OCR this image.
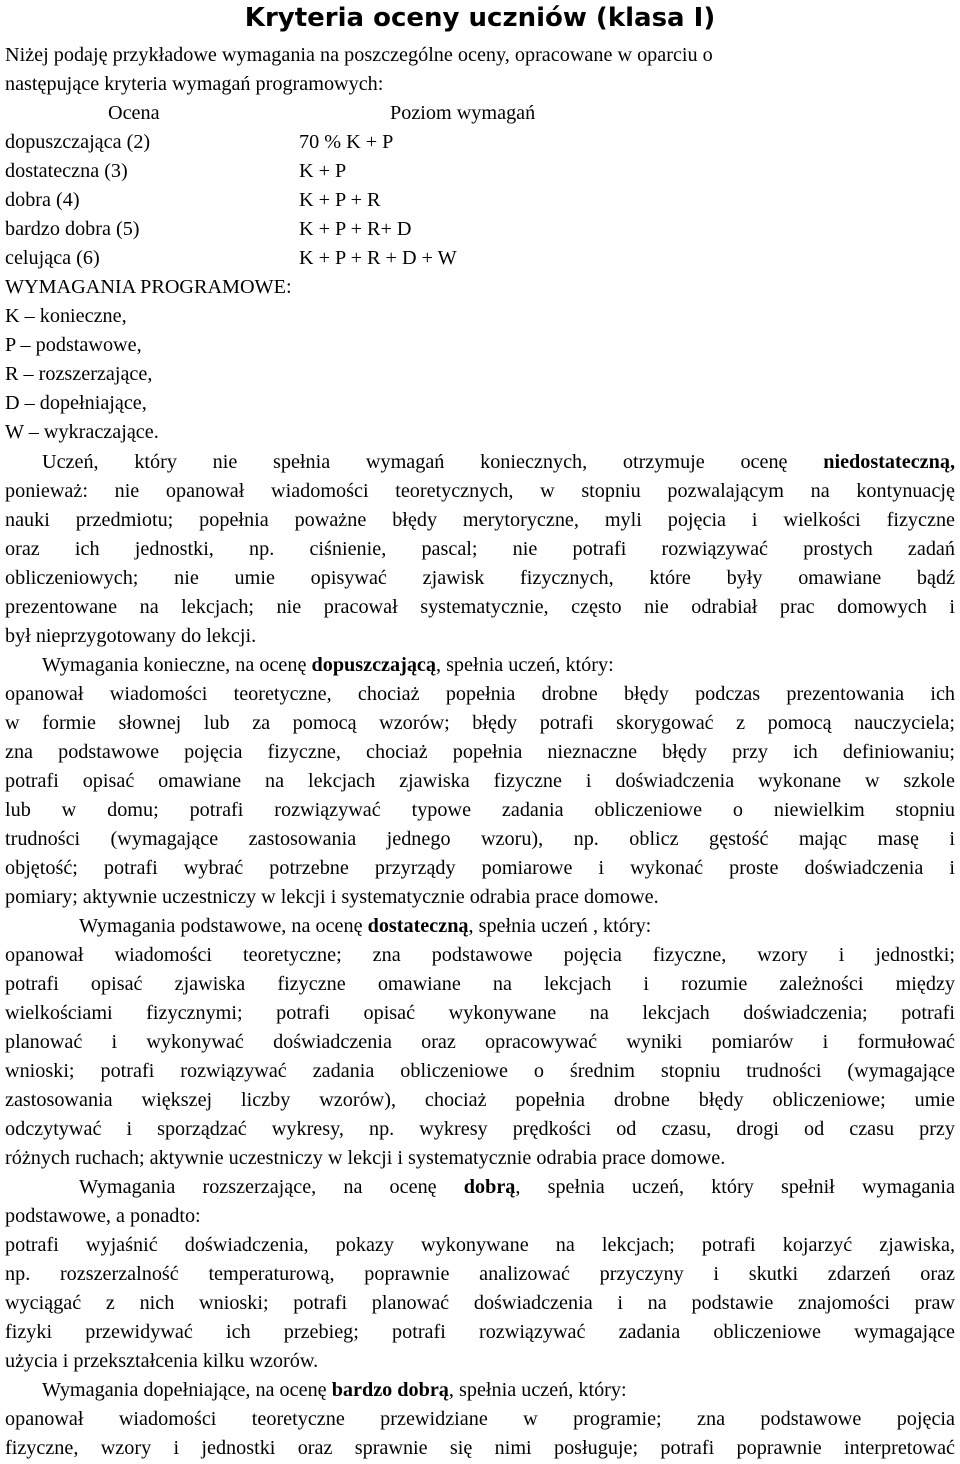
Kryteria oceny uczniów (klasa I)
Niżej podaję przykładowe wymagania na poszczególne oceny, opracowane w oparciu o
następujące kryteria wymagań programowych:
Ocena	Poziom wymagań
dopuszczająca (2)	70 % K + P
dostateczna (3)	K + P
dobra (4)	K + P + R
bardzo dobra (5)	K + P + R+ D
celująca (6)	K + P + R + D + W
WYMAGANIA PROGRAMOWE:
K – konieczne,
P – podstawowe,
R – rozszerzające,
D – dopełniające,
W – wykraczające.
Uczeń, który nie spełnia wymagań koniecznych, otrzymuje ocenę niedostateczną,
ponieważ: nie opanował wiadomości teoretycznych, w stopniu pozwalającym na kontynuację
nauki przedmiotu; popełnia poważne błędy merytoryczne, myli pojęcia i wielkości fizyczne
oraz ich jednostki, np. ciśnienie, pascal; nie potrafi rozwiązywać prostych zadań
obliczeniowych; nie umie opisywać zjawisk fizycznych, które były omawiane bądź
prezentowane na lekcjach; nie pracował systematycznie, często nie odrabiał prac domowych i
był nieprzygotowany do lekcji.
Wymagania konieczne, na ocenę dopuszczającą, spełnia uczeń, który:
opanował wiadomości teoretyczne, chociaż popełnia drobne błędy podczas prezentowania ich
w formie słownej lub za pomocą wzorów; błędy potrafi skorygować z pomocą nauczyciela;
zna podstawowe pojęcia fizyczne, chociaż popełnia nieznaczne błędy przy ich definiowaniu;
potrafi opisać omawiane na lekcjach zjawiska fizyczne i doświadczenia wykonane w szkole
lub w domu; potrafi rozwiązywać typowe zadania obliczeniowe o niewielkim stopniu
trudności (wymagające zastosowania jednego wzoru), np. oblicz gęstość mając masę i
objętość; potrafi wybrać potrzebne przyrządy pomiarowe i wykonać proste doświadczenia i
pomiary; aktywnie uczestniczy w lekcji i systematycznie odrabia prace domowe.
Wymagania podstawowe, na ocenę dostateczną, spełnia uczeń , który:
opanował wiadomości teoretyczne; zna podstawowe pojęcia fizyczne, wzory i jednostki;
potrafi opisać zjawiska fizyczne omawiane na lekcjach i rozumie zależności między
wielkościami fizycznymi; potrafi opisać wykonywane na lekcjach doświadczenia; potrafi
planować i wykonywać doświadczenia oraz opracowywać wyniki pomiarów i formułować
wnioski; potrafi rozwiązywać zadania obliczeniowe o średnim stopniu trudności (wymagające
zastosowania większej liczby wzorów), chociaż popełnia drobne błędy obliczeniowe; umie
odczytywać i sporządzać wykresy, np. wykresy prędkości od czasu, drogi od czasu przy
różnych ruchach; aktywnie uczestniczy w lekcji i systematycznie odrabia prace domowe.
Wymagania rozszerzające, na ocenę dobrą, spełnia uczeń, który spełnił wymagania
podstawowe, a ponadto:
potrafi wyjaśnić doświadczenia, pokazy wykonywane na lekcjach; potrafi kojarzyć zjawiska,
np. rozszerzalność temperaturową, poprawnie analizować przyczyny i skutki zdarzeń oraz
wyciągać z nich wnioski; potrafi planować doświadczenia i na podstawie znajomości praw
fizyki przewidywać ich przebieg; potrafi rozwiązywać zadania obliczeniowe wymagające
użycia i przekształcenia kilku wzorów.
Wymagania dopełniające, na ocenę bardzo dobrą, spełnia uczeń, który:
opanował wiadomości teoretyczne przewidziane w programie; zna podstawowe pojęcia
fizyczne, wzory i jednostki oraz sprawnie się nimi posługuje; potrafi poprawnie interpretować
